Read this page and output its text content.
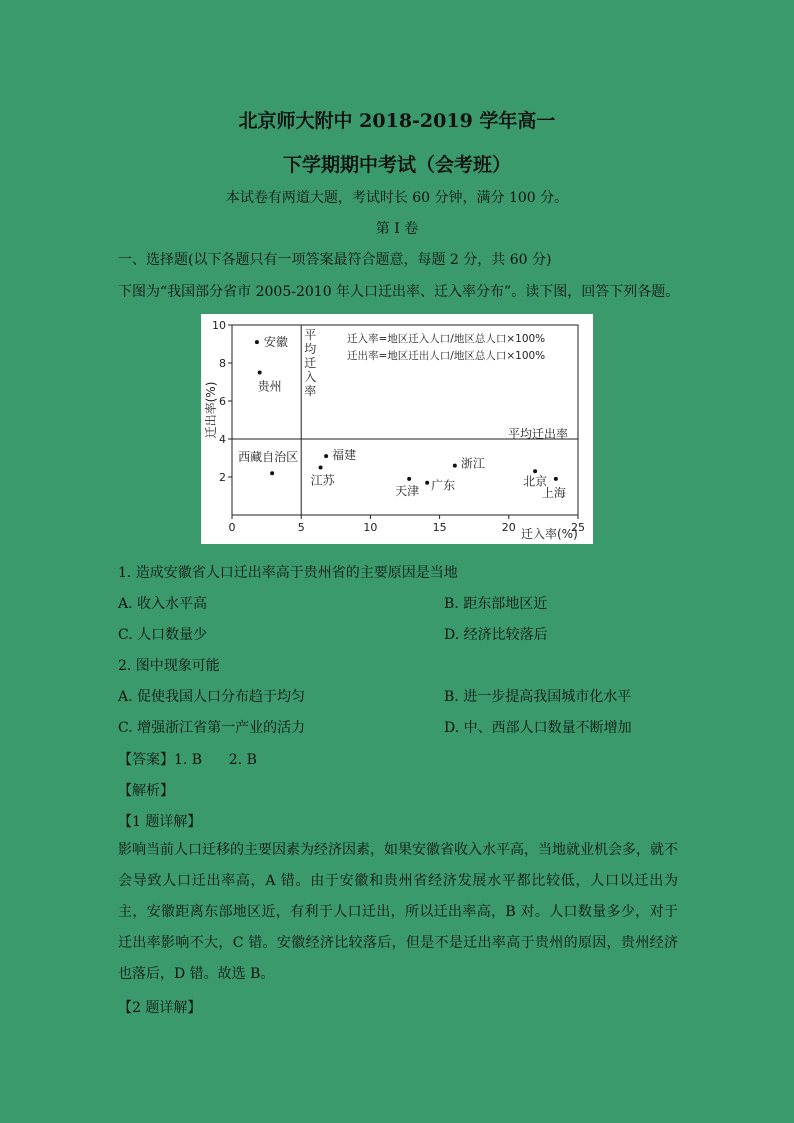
北京师大附中 2018-2019 学年高一
下学期期中考试（会考班）
本试卷有两道大题，考试时长 60 分钟，满分 100 分。
第 I 卷
一、选择题(以下各题只有一项答案最符合题意，每题 2 分，共 60 分)
下图为“我国部分省市 2005-2010 年人口迁出率、迁入率分布”。读下图，回答下列各题。
平均迁入率
平均迁出率
迁入率=地区迁入人口/地区总人口×100%
迁出率=地区迁出人口/地区总人口×100%
0	5	10	15	20	25
2
4
6
8
10
安徽
贵州
西藏自治区	福建
江苏
天津 广东
浙江
北京
上海
迁入率(%)
迁出率(%)
1. 造成安徽省人口迁出率高于贵州省的主要原因是当地
A. 收入水平高	B. 距东部地区近
C. 人口数量少	D. 经济比较落后
2. 图中现象可能
A. 促使我国人口分布趋于均匀	B. 进一步提高我国城市化水平
C. 增强浙江省第一产业的活力	D. 中、西部人口数量不断增加
【答案】1. B      2. B
【解析】
【1 题详解】
影响当前人口迁移的主要因素为经济因素，如果安徽省收入水平高，当地就业机会多，就不会导致人口迁出率高，A 错。由于安徽和贵州省经济发展水平都比较低，人口以迁出为主，安徽距离东部地区近，有利于人口迁出，所以迁出率高，B 对。人口数量多少，对于迁出率影响不大，C 错。安徽经济比较落后，但是不是迁出率高于贵州的原因，贵州经济也落后，D 错。故选 B。
【2 题详解】
